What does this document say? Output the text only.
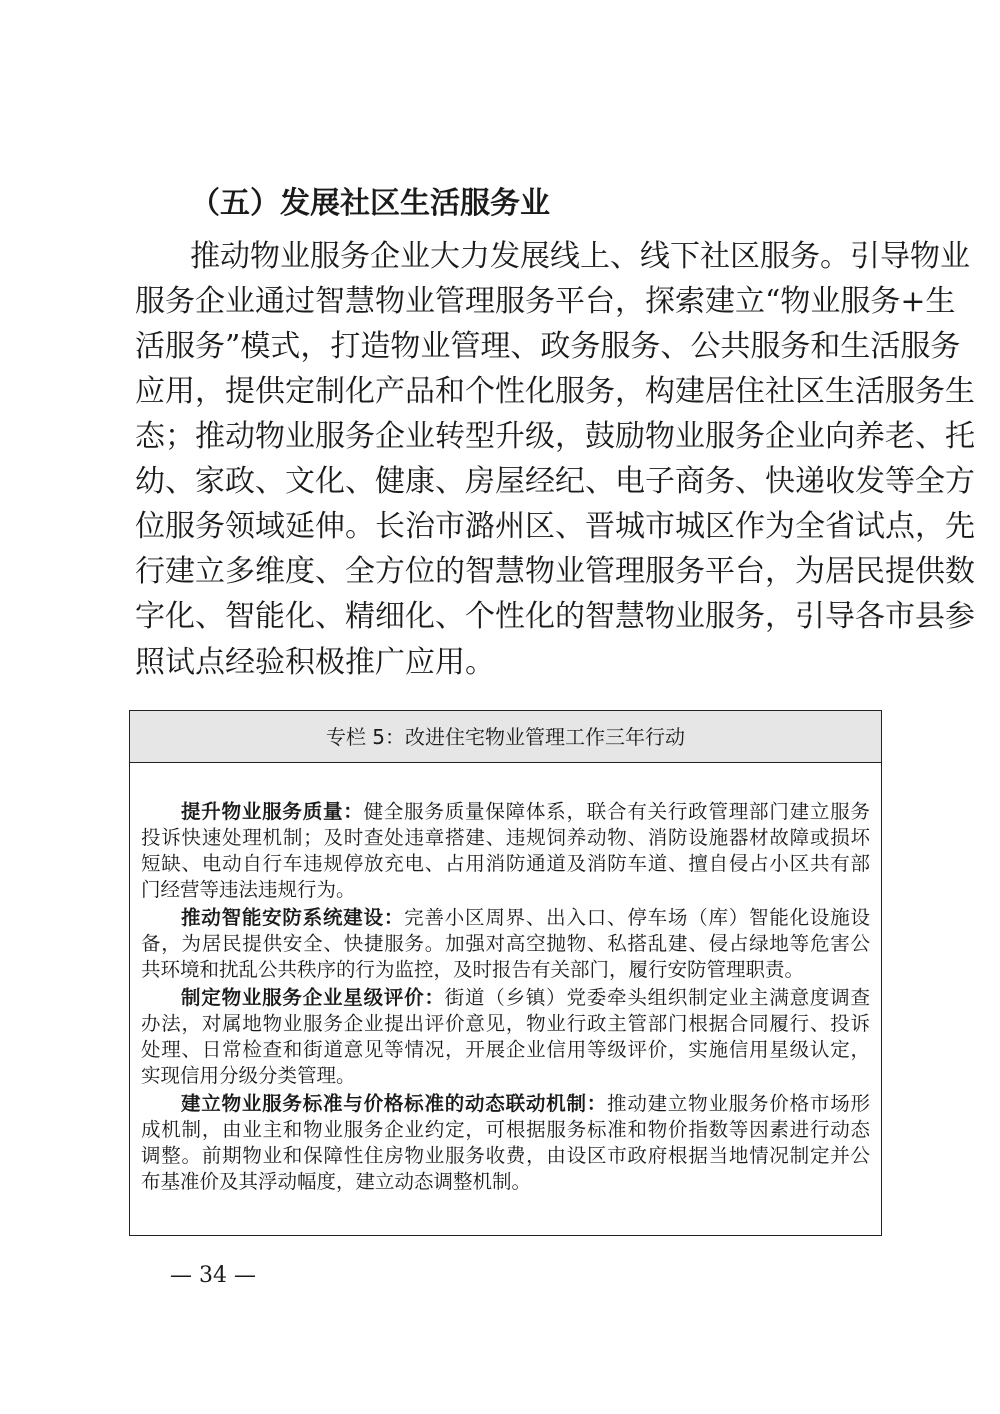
（五）发展社区生活服务业
推动物业服务企业大力发展线上、线下社区服务。引导物业
服务企业通过智慧物业管理服务平台，探索建立“物业服务+生
活服务”模式，打造物业管理、政务服务、公共服务和生活服务
应用，提供定制化产品和个性化服务，构建居住社区生活服务生
态；推动物业服务企业转型升级，鼓励物业服务企业向养老、托
幼、家政、文化、健康、房屋经纪、电子商务、快递收发等全方
位服务领域延伸。长治市潞州区、晋城市城区作为全省试点，先
行建立多维度、全方位的智慧物业管理服务平台，为居民提供数
字化、智能化、精细化、个性化的智慧物业服务，引导各市县参
照试点经验积极推广应用。
专栏 5：改进住宅物业管理工作三年行动
提升物业服务质量：健全服务质量保障体系，联合有关行政管理部门建立服务
投诉快速处理机制；及时查处违章搭建、违规饲养动物、消防设施器材故障或损坏
短缺、电动自行车违规停放充电、占用消防通道及消防车道、擅自侵占小区共有部
门经营等违法违规行为。
推动智能安防系统建设：完善小区周界、出入口、停车场（库）智能化设施设
备，为居民提供安全、快捷服务。加强对高空抛物、私搭乱建、侵占绿地等危害公
共环境和扰乱公共秩序的行为监控，及时报告有关部门，履行安防管理职责。
制定物业服务企业星级评价：街道（乡镇）党委牵头组织制定业主满意度调查
办法，对属地物业服务企业提出评价意见，物业行政主管部门根据合同履行、投诉
处理、日常检查和街道意见等情况，开展企业信用等级评价，实施信用星级认定，
实现信用分级分类管理。
建立物业服务标准与价格标准的动态联动机制：推动建立物业服务价格市场形
成机制，由业主和物业服务企业约定，可根据服务标准和物价指数等因素进行动态
调整。前期物业和保障性住房物业服务收费，由设区市政府根据当地情况制定并公
布基准价及其浮动幅度，建立动态调整机制。
— 34 —
